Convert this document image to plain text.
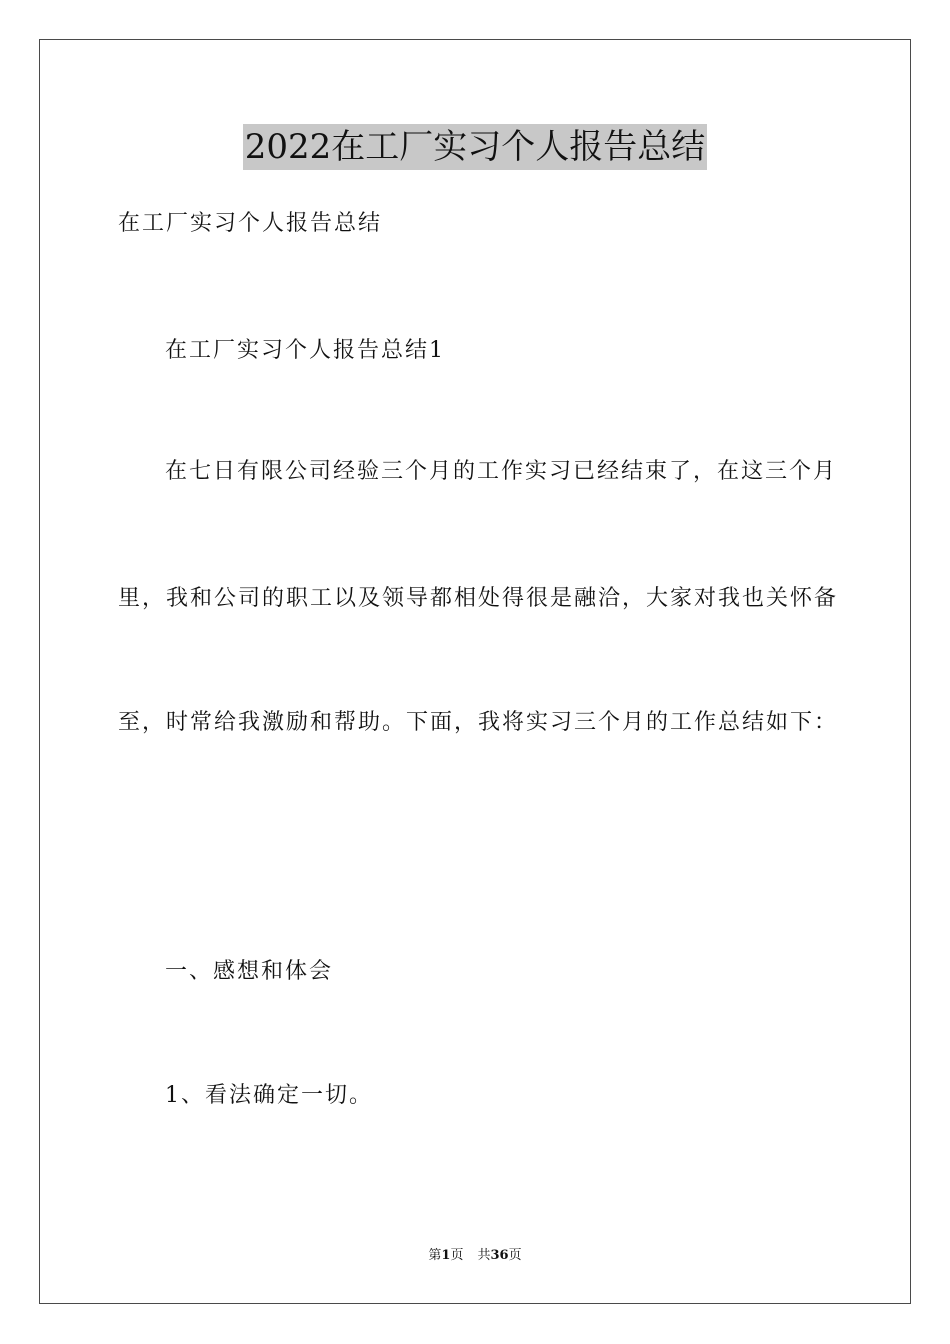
2022在工厂实习个人报告总结
在工厂实习个人报告总结
在工厂实习个人报告总结1
在七日有限公司经验三个月的工作实习已经结束了，在这三个月
里，我和公司的职工以及领导都相处得很是融洽，大家对我也关怀备
至，时常给我激励和帮助。下面，我将实习三个月的工作总结如下：
一、感想和体会
1、看法确定一切。
第1页 共36页
